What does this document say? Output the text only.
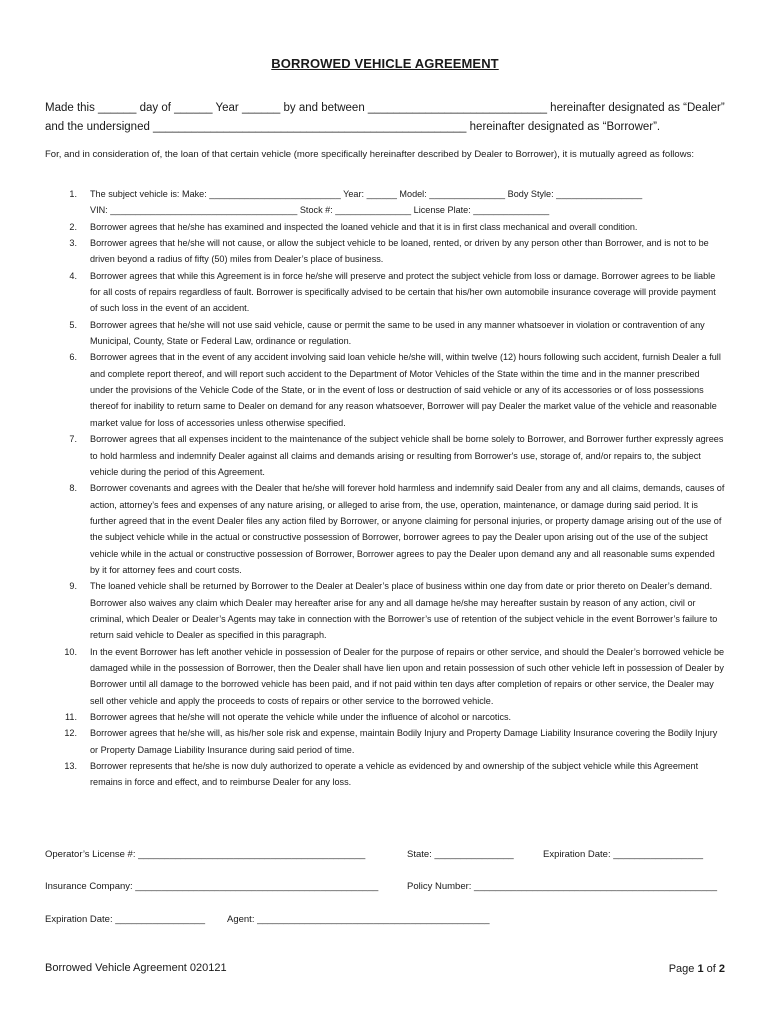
BORROWED VEHICLE AGREEMENT
Made this ______ day of ______ Year ______ by and between ____________________________ hereinafter designated as “Dealer”
and the undersigned _________________________________________________ hereinafter designated as “Borrower”.
For, and in consideration of, the loan of that certain vehicle (more specifically hereinafter described by Dealer to Borrower), it is mutually agreed as follows:
1. The subject vehicle is: Make: __________________________ Year: ______ Model: _______________ Body Style: _________________
VIN: _____________________________________ Stock #: _______________ License Plate: _______________
2. Borrower agrees that he/she has examined and inspected the loaned vehicle and that it is in first class mechanical and overall condition.
3. Borrower agrees that he/she will not cause, or allow the subject vehicle to be loaned, rented, or driven by any person other than Borrower, and is not to be driven beyond a radius of fifty (50) miles from Dealer’s place of business.
4. Borrower agrees that while this Agreement is in force he/she will preserve and protect the subject vehicle from loss or damage. Borrower agrees to be liable for all costs of repairs regardless of fault. Borrower is specifically advised to be certain that his/her own automobile insurance coverage will provide payment of such loss in the event of an accident.
5. Borrower agrees that he/she will not use said vehicle, cause or permit the same to be used in any manner whatsoever in violation or contravention of any Municipal, County, State or Federal Law, ordinance or regulation.
6. Borrower agrees that in the event of any accident involving said loan vehicle he/she will, within twelve (12) hours following such accident, furnish Dealer a full and complete report thereof, and will report such accident to the Department of Motor Vehicles of the State within the time and in the manner prescribed under the provisions of the Vehicle Code of the State, or in the event of loss or destruction of said vehicle or any of its accessories or of loss possessions thereof for inability to return same to Dealer on demand for any reason whatsoever, Borrower will pay Dealer the market value of the vehicle and reasonable market value for loss of accessories unless otherwise specified.
7. Borrower agrees that all expenses incident to the maintenance of the subject vehicle shall be borne solely to Borrower, and Borrower further expressly agrees to hold harmless and indemnify Dealer against all claims and demands arising or resulting from Borrower's use, storage of, and/or repairs to, the subject vehicle during the period of this Agreement.
8. Borrower covenants and agrees with the Dealer that he/she will forever hold harmless and indemnify said Dealer from any and all claims, demands, causes of action, attorney’s fees and expenses of any nature arising, or alleged to arise from, the use, operation, maintenance, or damage during said period. It is further agreed that in the event Dealer files any action filed by Borrower, or anyone claiming for personal injuries, or property damage arising out of the use of the subject vehicle while in the actual or constructive possession of Borrower, borrower agrees to pay the Dealer upon arising out of the use of the subject vehicle while in the actual or constructive possession of Borrower, Borrower agrees to pay the Dealer upon demand any and all reasonable sums expended by it for attorney fees and court costs.
9. The loaned vehicle shall be returned by Borrower to the Dealer at Dealer’s place of business within one day from date or prior thereto on Dealer’s demand. Borrower also waives any claim which Dealer may hereafter arise for any and all damage he/she may hereafter sustain by reason of any action, civil or criminal, which Dealer or Dealer’s Agents may take in connection with the Borrower’s use of retention of the subject vehicle in the event Borrower’s failure to return said vehicle to Dealer as specified in this paragraph.
10. In the event Borrower has left another vehicle in possession of Dealer for the purpose of repairs or other service, and should the Dealer’s borrowed vehicle be damaged while in the possession of Borrower, then the Dealer shall have lien upon and retain possession of such other vehicle left in possession of Dealer by Borrower until all damage to the borrowed vehicle has been paid, and if not paid within ten days after completion of repairs or other service, the Dealer may sell other vehicle and apply the proceeds to costs of repairs or other service to the borrowed vehicle.
11. Borrower agrees that he/she will not operate the vehicle while under the influence of alcohol or narcotics.
12. Borrower agrees that he/she will, as his/her sole risk and expense, maintain Bodily Injury and Property Damage Liability Insurance covering the Bodily Injury or Property Damage Liability Insurance during said period of time.
13. Borrower represents that he/she is now duly authorized to operate a vehicle as evidenced by and ownership of the subject vehicle while this Agreement remains in force and effect, and to reimburse Dealer for any loss.
Operator’s License #: ___________________________________________	State: _______________	Expiration Date: _________________
Insurance Company: ______________________________________________	Policy Number: ______________________________________________
Expiration Date: _________________ Agent: ____________________________________________
Borrowed Vehicle Agreement 020121	Page 1 of 2
